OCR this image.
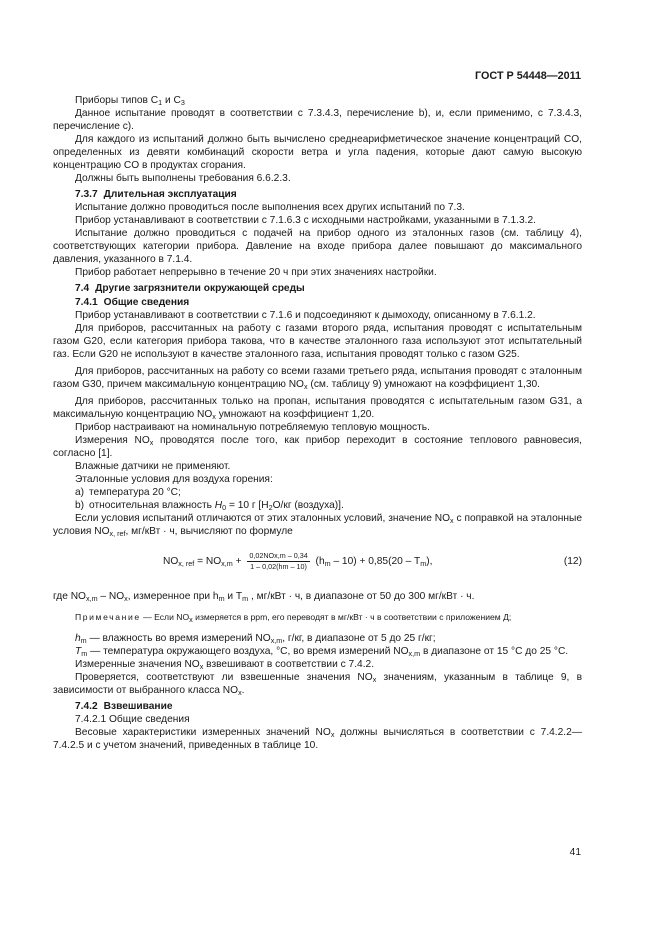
ГОСТ Р 54448—2011

Приборы типов $C_1$ и $C_3$

Данное испытание проводят в соответствии с 7.3.4.3, перечисление b), и, если применимо, с 7.3.4.3, перечисление c).

Для каждого из испытаний должно быть вычислено среднеарифметическое значение концентраций CO, определенных из девяти комбинаций скорости ветра и угла падения, которые дают самую высокую концентрацию CO в продуктах сгорания.

Должны быть выполнены требования 6.6.2.3.

7.3.7 Длительная эксплуатация

Испытание должно проводиться после выполнения всех других испытаний по 7.3.

Прибор устанавливают в соответствии с 7.1.6.3 с исходными настройками, указанными в 7.1.3.2.

Испытание должно проводиться с подачей на прибор одного из эталонных газов (см. таблицу 4), соответствующих категории прибора. Давление на входе прибора далее повышают до максимального давления, указанного в 7.1.4.

Прибор работает непрерывно в течение 20 ч при этих значениях настройки.

7.4 Другие загрязнители окружающей среды

7.4.1 Общие сведения

Прибор устанавливают в соответствии с 7.1.6 и подсоединяют к дымоходу, описанному в 7.6.1.2.

Для приборов, рассчитанных на работу с газами второго ряда, испытания проводят с испытательным газом G20, если категория прибора такова, что в качестве эталонного газа используют этот испытательный газ. Если G20 не используют в качестве эталонного газа, испытания проводят только с газом G25.

Для приборов, рассчитанных на работу со всеми газами третьего ряда, испытания проводят с эталонным газом G30, причем максимальную концентрацию $NO_x$ (см. таблицу 9) умножают на коэффициент 1,30.

Для приборов, рассчитанных только на пропан, испытания проводятся с испытательным газом G31, а максимальную концентрацию $NO_x$ умножают на коэффициент 1,20.

Прибор настраивают на номинальную потребляемую тепловую мощность.

Измерения $NO_x$ проводятся после того, как прибор переходит в состояние теплового равновесия, согласно [1].

Влажные датчики не применяют.

Эталонные условия для воздуха горения:

a) температура 20 °C;

b) относительная влажность $H_0 = 10$ г [$H_2O/кг$ (воздуха)].

Если условия испытаний отличаются от этих эталонных условий, значение $NO_x$ с поправкой на эталонные условия $NO_{x, ref}$, мг/кВт · ч, вычисляют по формуле

$NO_{x, ref} = NO_{x,m} + \frac{\text{0,02NOx,m – 0,34}}{1 - 0,02(hm - 10)} (h_m - 10) + 0,85(20 - T_m)$,	(12)

где $NO_{x,m} - NO_x$, измеренное при $h_m$ и $T_m$ , мг/кВт · ч, в диапазоне от 50 до 300 мг/кВт · ч.

Примечание — Если $NO_x$ измеряется в ppm, его переводят в мг/кВт · ч в соответствии с приложением Д;

$h_m$ — влажность во время измерений $NO_{x,m}$, г/кг, в диапазоне от 5 до 25 г/кг;

$T_m$ — температура окружающего воздуха, °C, во время измерений $NO_{x,m}$ в диапазоне от 15 °C до 25 °C.

Измеренные значения $NO_x$ взвешивают в соответствии с 7.4.2.

Проверяется, соответствуют ли взвешенные значения $NO_x$ значениям, указанным в таблице 9, в зависимости от выбранного класса $NO_x$.

7.4.2 Взвешивание

7.4.2.1 Общие сведения

Весовые характеристики измеренных значений $NO_x$ должны вычисляться в соответствии с 7.4.2.2—7.4.2.5 и с учетом значений, приведенных в таблице 10.

41
